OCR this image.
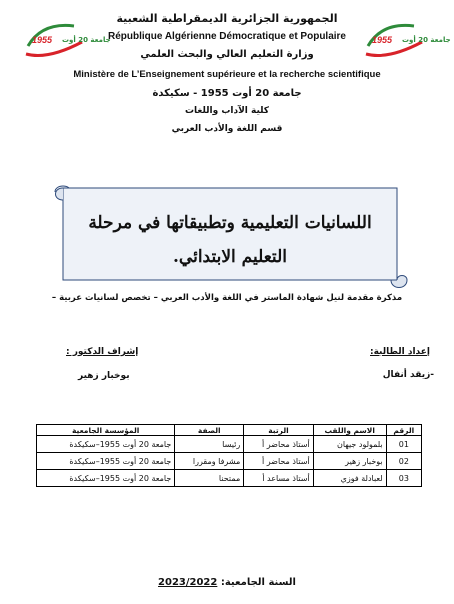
الجمهورية الجزائرية الديمقراطية الشعبية
République Algérienne Démocratique et Populaire
وزارة التعليم العالي والبحث العلمي
Ministère de L’Enseignement supérieure et la recherche scientifique
جامعة 20 أوت 1955 - سكيكدة
كلية الآداب واللغات
قسم اللغة والأدب العربي
1955 جامعة 20 أوت	1955 جامعة 20 أوت
اللسانيات التعليمية وتطبيقاتها في مرحلة التعليم الابتدائي.
مذكرة مقدمة لنيل شهادة الماستر في اللغة والأدب العربي – تخصص لسانيات عربية –
إعداد الطالبة:
إشراف الدكتور :
-زيقد أنفال
بوخبار زهير
الرقم	الاسم واللقب	الرتبة	الصفة	المؤسسة الجامعية
01	بلمولود جيهان	أستاذ محاضر أ	رئيسا	جامعة 20 أوت 1955–سكيكدة
02	بوخبار زهير	أستاذ محاضر أ	مشرفا ومقررا	جامعة 20 أوت 1955–سكيكدة
03	لعبادلة فوزي	أستاذ مساعد أ	ممتحنا	جامعة 20 أوت 1955–سكيكدة
السنة الجامعية: 2023/2022
